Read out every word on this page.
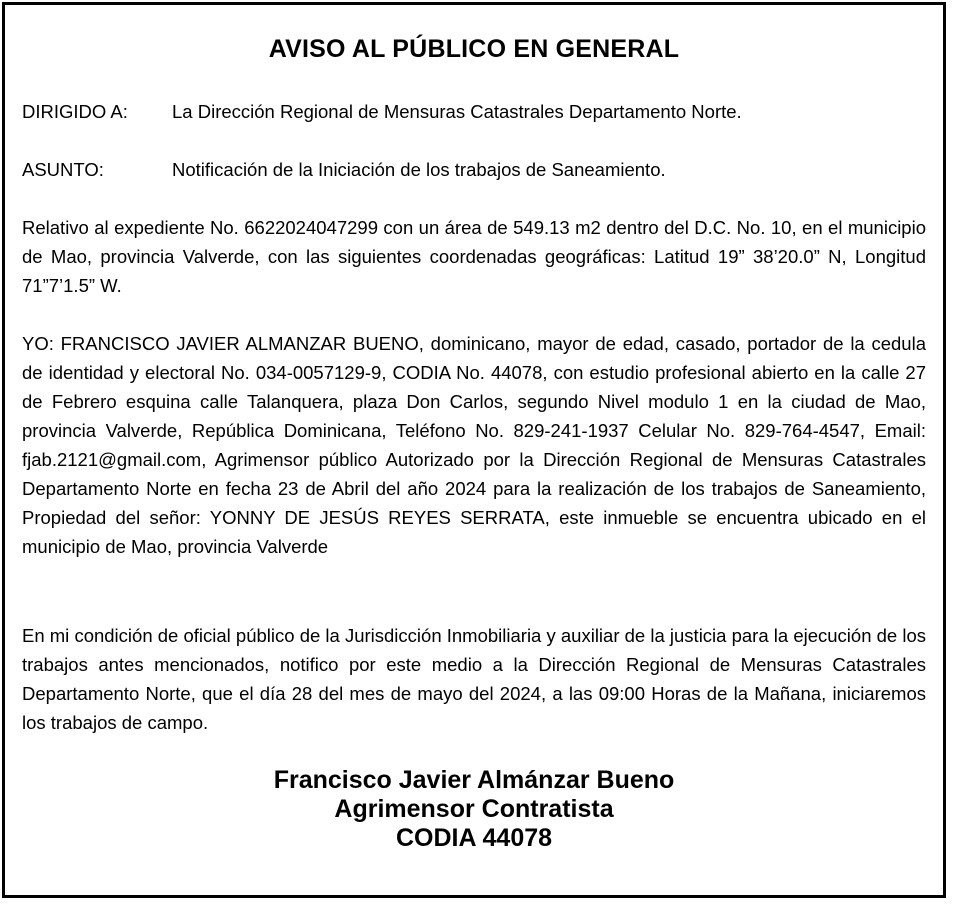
AVISO AL PÚBLICO EN GENERAL
DIRIGIDO A: La Dirección Regional de Mensuras Catastrales Departamento Norte.
ASUNTO:	Notificación de la Iniciación de los trabajos de Saneamiento.
Relativo al expediente No. 6622024047299 con un área de 549.13 m2 dentro del D.C. No. 10, en el municipio de Mao, provincia Valverde, con las siguientes coordenadas geográficas: Latitud 19” 38’20.0” N, Longitud 71”7’1.5” W.
YO: FRANCISCO JAVIER ALMANZAR BUENO, dominicano, mayor de edad, casado, portador de la cedula de identidad y electoral No. 034-0057129-9, CODIA No. 44078, con estudio profesional abierto en la calle 27 de Febrero esquina calle Talanquera, plaza Don Carlos, segundo Nivel modulo 1 en la ciudad de Mao, provincia Valverde, República Dominicana, Teléfono No. 829-241-1937 Celular No. 829-764-4547, Email: fjab.2121@gmail.com, Agrimensor público Autorizado por la Dirección Regional de Mensuras Catastrales Departamento Norte en fecha 23 de Abril del año 2024 para la realización de los trabajos de Saneamiento, Propiedad del señor: YONNY DE JESÚS REYES SERRATA, este inmueble se encuentra ubicado en el municipio de Mao, provincia Valverde
En mi condición de oficial público de la Jurisdicción Inmobiliaria y auxiliar de la justicia para la ejecución de los trabajos antes mencionados, notifico por este medio a la Dirección Regional de Mensuras Catastrales Departamento Norte, que el día 28 del mes de mayo del 2024, a las 09:00 Horas de la Mañana, iniciaremos los trabajos de campo.
Francisco Javier Almánzar Bueno
Agrimensor Contratista
CODIA 44078
